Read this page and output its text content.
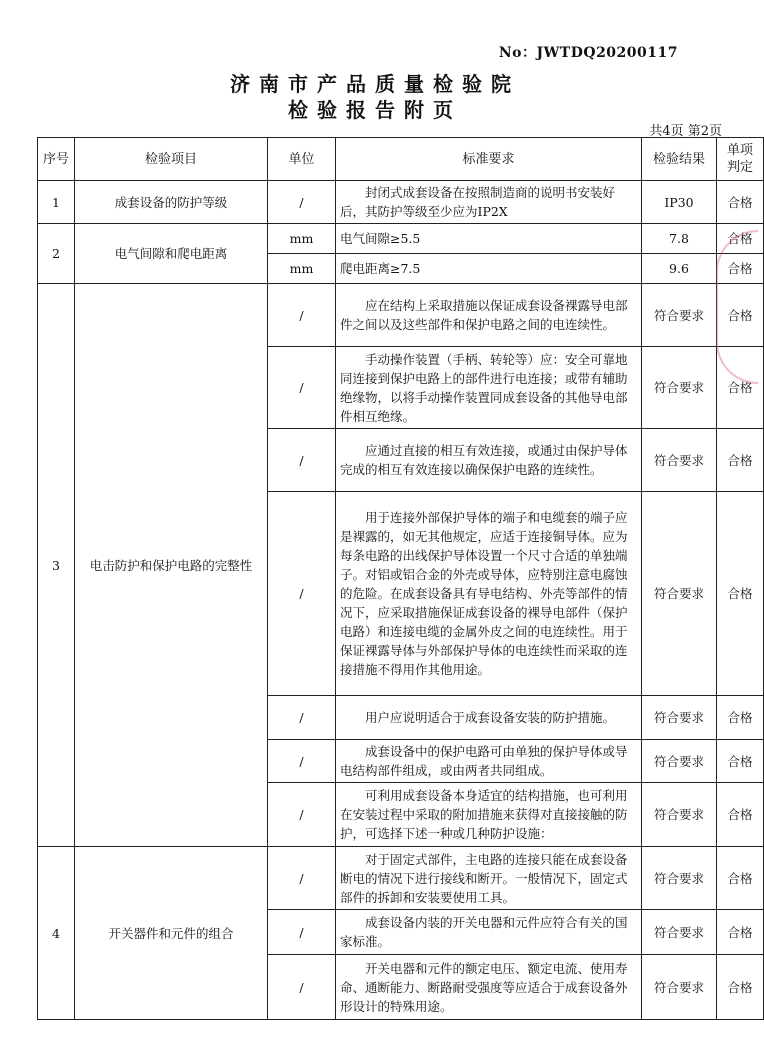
No：JWTDQ20200117
济南市产品质量检验院
检验报告附页
共4页 第2页
序号	检验项目	单位	标准要求	检验结果	单项判定
1	成套设备的防护等级	/	封闭式成套设备在按照制造商的说明书安装好后，其防护等级至少应为IP2X	IP30	合格
2	电气间隙和爬电距离	mm	电气间隙≥5.5	7.8	合格
		mm	爬电距离≥7.5	9.6	合格
3	电击防护和保护电路的完整性	/	应在结构上采取措施以保证成套设备裸露导电部件之间以及这些部件和保护电路之间的电连续性。	符合要求	合格
		/	手动操作装置（手柄、转轮等）应：安全可靠地同连接到保护电路上的部件进行电连接；或带有辅助绝缘物，以将手动操作装置同成套设备的其他导电部件相互绝缘。	符合要求	合格
		/	应通过直接的相互有效连接，或通过由保护导体完成的相互有效连接以确保保护电路的连续性。	符合要求	合格
		/	用于连接外部保护导体的端子和电缆套的端子应是裸露的，如无其他规定，应适于连接铜导体。应为每条电路的出线保护导体设置一个尺寸合适的单独端子。对铝或铝合金的外壳或导体，应特别注意电腐蚀的危险。在成套设备具有导电结构、外壳等部件的情况下，应采取措施保证成套设备的裸导电部件（保护电路）和连接电缆的金属外皮之间的电连续性。用于保证裸露导体与外部保护导体的电连续性而采取的连接措施不得用作其他用途。	符合要求	合格
		/	用户应说明适合于成套设备安装的防护措施。	符合要求	合格
		/	成套设备中的保护电路可由单独的保护导体或导电结构部件组成，或由两者共同组成。	符合要求	合格
		/	可利用成套设备本身适宜的结构措施，也可利用在安装过程中采取的附加措施来获得对直接接触的防护，可选择下述一种或几种防护设施：	符合要求	合格
4	开关器件和元件的组合	/	对于固定式部件，主电路的连接只能在成套设备断电的情况下进行接线和断开。一般情况下，固定式部件的拆卸和安装要使用工具。	符合要求	合格
		/	成套设备内装的开关电器和元件应符合有关的国家标准。	符合要求	合格
		/	开关电器和元件的额定电压、额定电流、使用寿命、通断能力、断路耐受强度等应适合于成套设备外形设计的特殊用途。	符合要求	合格
